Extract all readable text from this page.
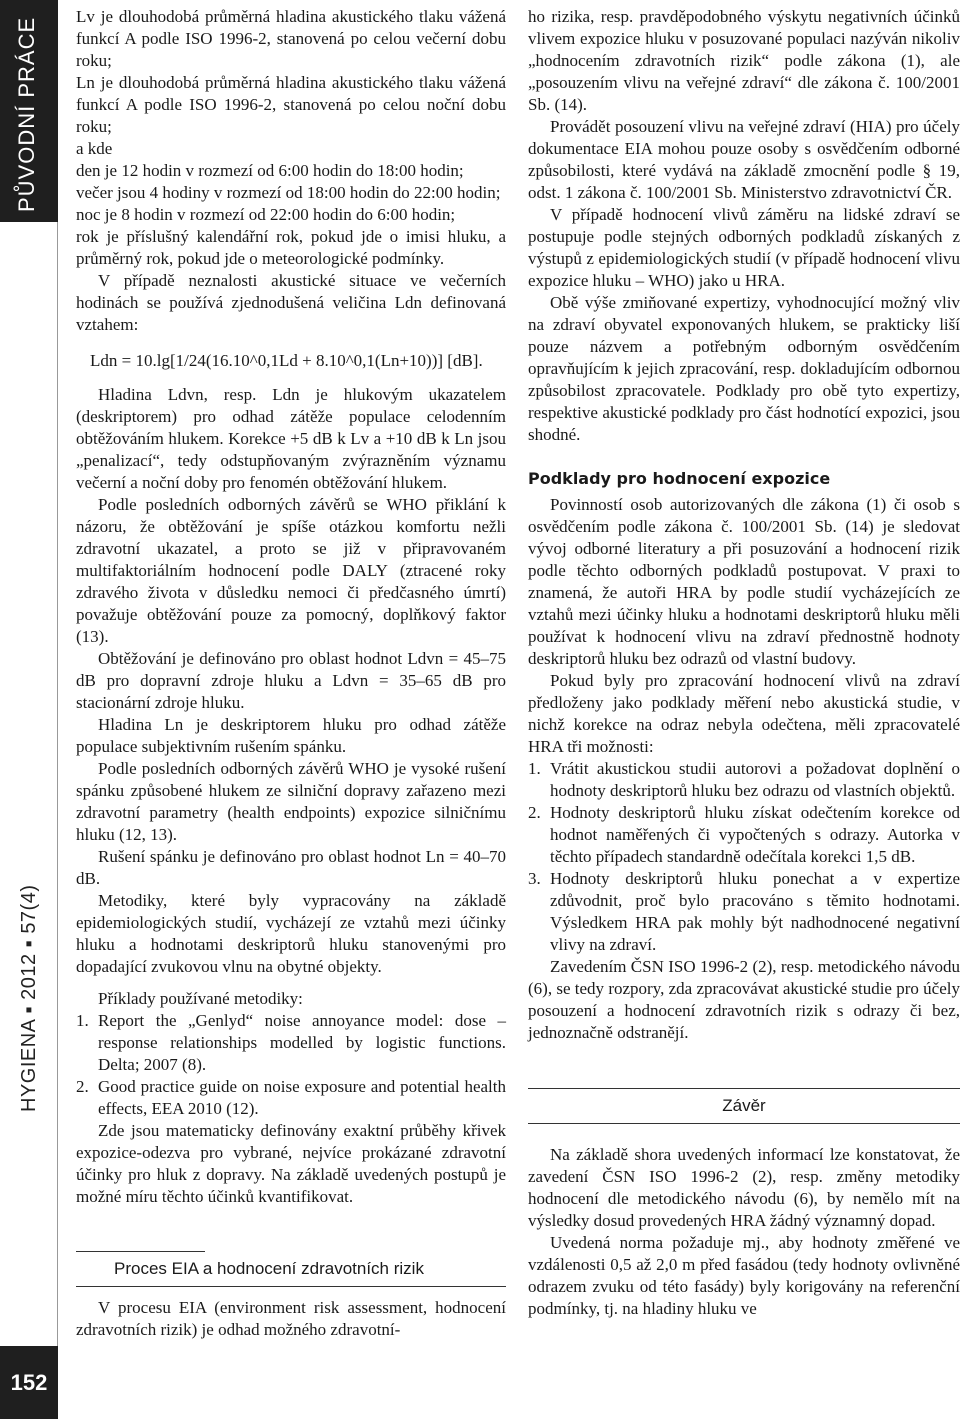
PŮVODNÍ PRÁCE
HYGIENA ▪ 2012 ▪ 57(4)
152

Lv je dlouhodobá průměrná hladina akustického tlaku vážená funkcí A podle ISO 1996-2, stanovená po celou večerní dobu roku;

Ln je dlouhodobá průměrná hladina akustického tlaku vážená funkcí A podle ISO 1996-2, stanovená po celou noční dobu roku;

a kde

den je 12 hodin v rozmezí od 6:00 hodin do 18:00 hodin;

večer jsou 4 hodiny v rozmezí od 18:00 hodin do 22:00 hodin;

noc je 8 hodin v rozmezí od 22:00 hodin do 6:00 hodin;

rok je příslušný kalendářní rok, pokud jde o imisi hluku, a průměrný rok, pokud jde o meteorologické podmínky.

V případě neznalosti akustické situace ve večerních hodinách se používá zjednodušená veličina Ldn definovaná vztahem:

Ldn = 10.lg[1/24(16.10^0,1Ld + 8.10^0,1(Ln+10))] [dB].

Hladina Ldvn, resp. Ldn je hlukovým ukazatelem (deskriptorem) pro odhad zátěže populace celodenním obtěžováním hlukem. Korekce +5 dB k Lv a +10 dB k Ln jsou „penalizací“, tedy odstupňovaným zvýrazněním významu večerní a noční doby pro fenomén obtěžování hlukem.

Podle posledních odborných závěrů se WHO přiklání k názoru, že obtěžování je spíše otázkou komfortu nežli zdravotní ukazatel, a proto se již v připravovaném multifaktoriálním hodnocení podle DALY (ztracené roky zdravého života v důsledku nemoci či předčasného úmrtí) považuje obtěžování pouze za pomocný, doplňkový faktor (13).

Obtěžování je definováno pro oblast hodnot Ldvn = 45–75 dB pro dopravní zdroje hluku a Ldvn = 35–65 dB pro stacionární zdroje hluku.

Hladina Ln je deskriptorem hluku pro odhad zátěže populace subjektivním rušením spánku.

Podle posledních odborných závěrů WHO je vysoké rušení spánku způsobené hlukem ze silniční dopravy zařazeno mezi zdravotní parametry (health endpoints) expozice silničnímu hluku (12, 13).

Rušení spánku je definováno pro oblast hodnot Ln = 40–70 dB.

Metodiky, které byly vypracovány na základě epidemiologických studií, vycházejí ze vztahů mezi účinky hluku a hodnotami deskriptorů hluku stanovenými pro dopadající zvukovou vlnu na obytné objekty.

Příklady používané metodiky:

1. Report the „Genlyd“ noise annoyance model: dose – response relationships modelled by logistic functions. Delta; 2007 (8).
2. Good practice guide on noise exposure and potential health effects, EEA 2010 (12).

Zde jsou matematicky definovány exaktní průběhy křivek expozice-odezva pro vybrané, nejvíce prokázané zdravotní účinky pro hluk z dopravy. Na základě uvedených postupů je možné míru těchto účinků kvantifikovat.

Proces EIA a hodnocení zdravotních rizik

V procesu EIA (environment risk assessment, hodnocení zdravotních rizik) je odhad možného zdravotní-

ho rizika, resp. pravděpodobného výskytu negativních účinků vlivem expozice hluku v posuzované populaci nazýván nikoliv „hodnocením zdravotních rizik“ podle zákona (1), ale „posouzením vlivu na veřejné zdraví“ dle zákona č. 100/2001 Sb. (14).

Provádět posouzení vlivu na veřejné zdraví (HIA) pro účely dokumentace EIA mohou pouze osoby s osvědčením odborné způsobilosti, které vydává na základě zmocnění podle § 19, odst. 1 zákona č. 100/2001 Sb. Ministerstvo zdravotnictví ČR.

V případě hodnocení vlivů záměru na lidské zdraví se postupuje podle stejných odborných podkladů získaných z výstupů z epidemiologických studií (v případě hodnocení vlivu expozice hluku – WHO) jako u HRA.

Obě výše zmiňované expertizy, vyhodnocující možný vliv na zdraví obyvatel exponovaných hlukem, se prakticky liší pouze názvem a potřebným odborným osvědčením opravňujícím k jejich zpracování, resp. dokladujícím odbornou způsobilost zpracovatele. Podklady pro obě tyto expertizy, respektive akustické podklady pro část hodnotící expozici, jsou shodné.

Podklady pro hodnocení expozice

Povinností osob autorizovaných dle zákona (1) či osob s osvědčením podle zákona č. 100/2001 Sb. (14) je sledovat vývoj odborné literatury a při posuzování a hodnocení rizik podle těchto odborných podkladů postupovat. V praxi to znamená, že autoři HRA by podle studií vycházejících ze vztahů mezi účinky hluku a hodnotami deskriptorů hluku měli používat k hodnocení vlivu na zdraví přednostně hodnoty deskriptorů hluku bez odrazů od vlastní budovy.

Pokud byly pro zpracování hodnocení vlivů na zdraví předloženy jako podklady měření nebo akustická studie, v nichž korekce na odraz nebyla odečtena, měli zpracovatelé HRA tři možnosti:

1. Vrátit akustickou studii autorovi a požadovat doplnění o hodnoty deskriptorů hluku bez odrazu od vlastních objektů.
2. Hodnoty deskriptorů hluku získat odečtením korekce od hodnot naměřených či vypočtených s odrazy. Autorka v těchto případech standardně odečítala korekci 1,5 dB.
3. Hodnoty deskriptorů hluku ponechat a v expertize zdůvodnit, proč bylo pracováno s těmito hodnotami. Výsledkem HRA pak mohly být nadhodnocené negativní vlivy na zdraví.

Zavedením ČSN ISO 1996-2 (2), resp. metodického návodu (6), se tedy rozpory, zda zpracovávat akustické studie pro účely posouzení a hodnocení zdravotních rizik s odrazy či bez, jednoznačně odstranějí.

Závěr

Na základě shora uvedených informací lze konstatovat, že zavedení ČSN ISO 1996-2 (2), resp. změny metodiky hodnocení dle metodického návodu (6), by nemělo mít na výsledky dosud provedených HRA žádný významný dopad.

Uvedená norma požaduje mj., aby hodnoty změřené ve vzdálenosti 0,5 až 2,0 m před fasádou (tedy hodnoty ovlivněné odrazem zvuku od této fasády) byly korigovány na referenční podmínky, tj. na hladiny hluku ve
